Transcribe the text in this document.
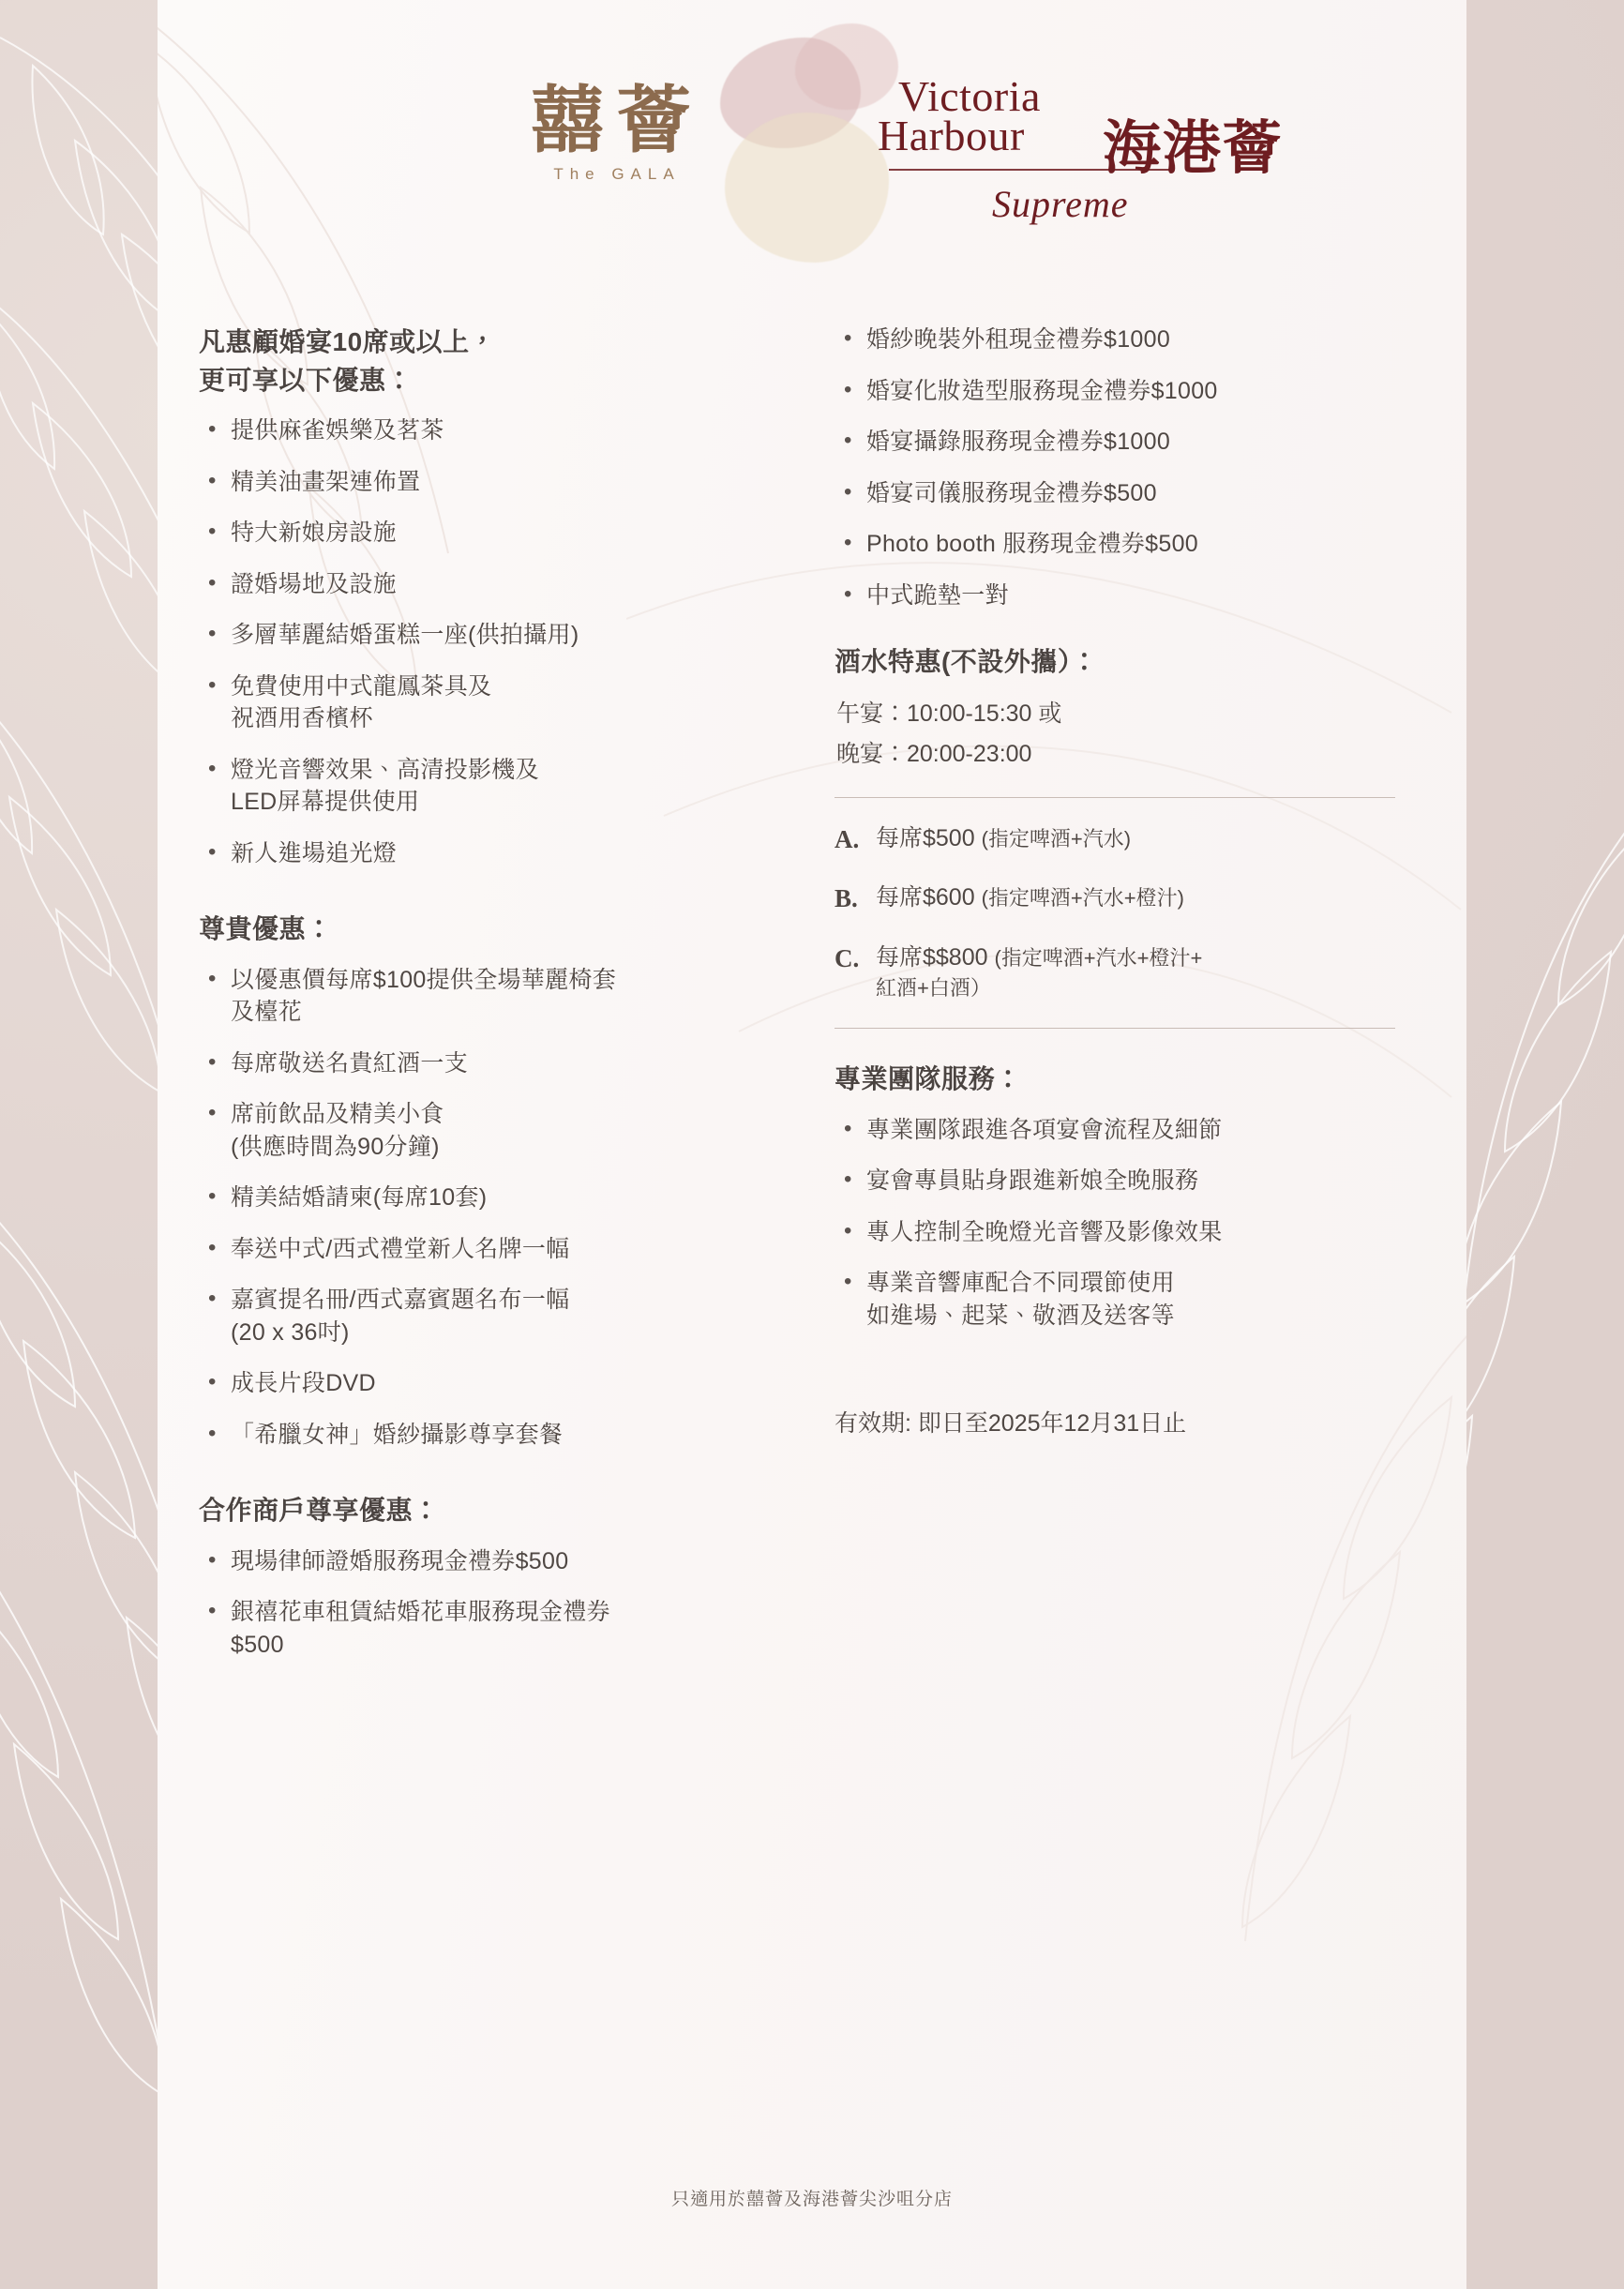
囍薈
The GALA
Victoria
Harbour	海港薈
Supreme
凡惠顧婚宴10席或以上，
更可享以下優惠：
• 提供麻雀娛樂及茗茶
• 精美油畫架連佈置
• 特大新娘房設施
• 證婚場地及設施
• 多層華麗結婚蛋糕一座(供拍攝用)
• 免費使用中式龍鳳茶具及
祝酒用香檳杯
• 燈光音響效果、高清投影機及
LED屏幕提供使用
• 新人進場追光燈
尊貴優惠：
• 以優惠價每席$100提供全場華麗椅套
及檯花
• 每席敬送名貴紅酒一支
• 席前飲品及精美小食
(供應時間為90分鐘)
• 精美結婚請柬(每席10套)
• 奉送中式/西式禮堂新人名牌一幅
• 嘉賓提名冊/西式嘉賓題名布一幅
(20 x 36吋)
• 成長片段DVD
• 「希臘女神」婚紗攝影尊享套餐
合作商戶尊享優惠：
• 現場律師證婚服務現金禮券$500
• 銀禧花車租賃結婚花車服務現金禮券
$500
• 婚紗晚裝外租現金禮券$1000
• 婚宴化妝造型服務現金禮券$1000
• 婚宴攝錄服務現金禮券$1000
• 婚宴司儀服務現金禮券$500
• Photo booth 服務現金禮券$500
• 中式跪墊一對
酒水特惠(不設外攜）：

午宴：10:00-15:30 或

晚宴：20:00-23:00

A. 每席$500 (指定啤酒+汽水)
B. 每席$600 (指定啤酒+汽水+橙汁)
C. 每席$$800 (指定啤酒+汽水+橙汁+
紅酒+白酒）
專業團隊服務：
• 專業團隊跟進各項宴會流程及細節
• 宴會專員貼身跟進新娘全晚服務
• 專人控制全晚燈光音響及影像效果
• 專業音響庫配合不同環節使用
如進場、起菜、敬酒及送客等

有效期: 即日至2025年12月31日止

只適用於囍薈及海港薈尖沙咀分店
